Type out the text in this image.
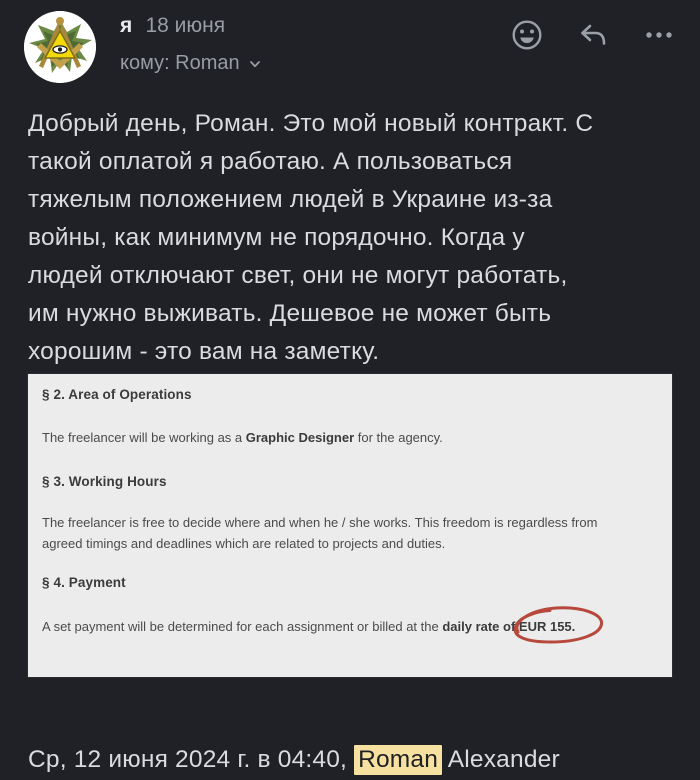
я 18 июня
кому: Roman
Добрый день, Роман. Это мой новый контракт. С
такой оплатой я работаю. А пользоваться
тяжелым положением людей в Украине из-за
войны, как минимум не порядочно. Когда у
людей отключают свет, они не могут работать,
им нужно выживать. Дешевое не может быть
хорошим - это вам на заметку.
§ 2. Area of Operations

The freelancer will be working as a Graphic Designer for the agency.

§ 3. Working Hours

The freelancer is free to decide where and when he / she works. This freedom is regardless from
agreed timings and deadlines which are related to projects and duties.

§ 4. Payment

A set payment will be determined for each assignment or billed at the daily rate of EUR 155.

Ср, 12 июня 2024 г. в 04:40, Roman Alexander
